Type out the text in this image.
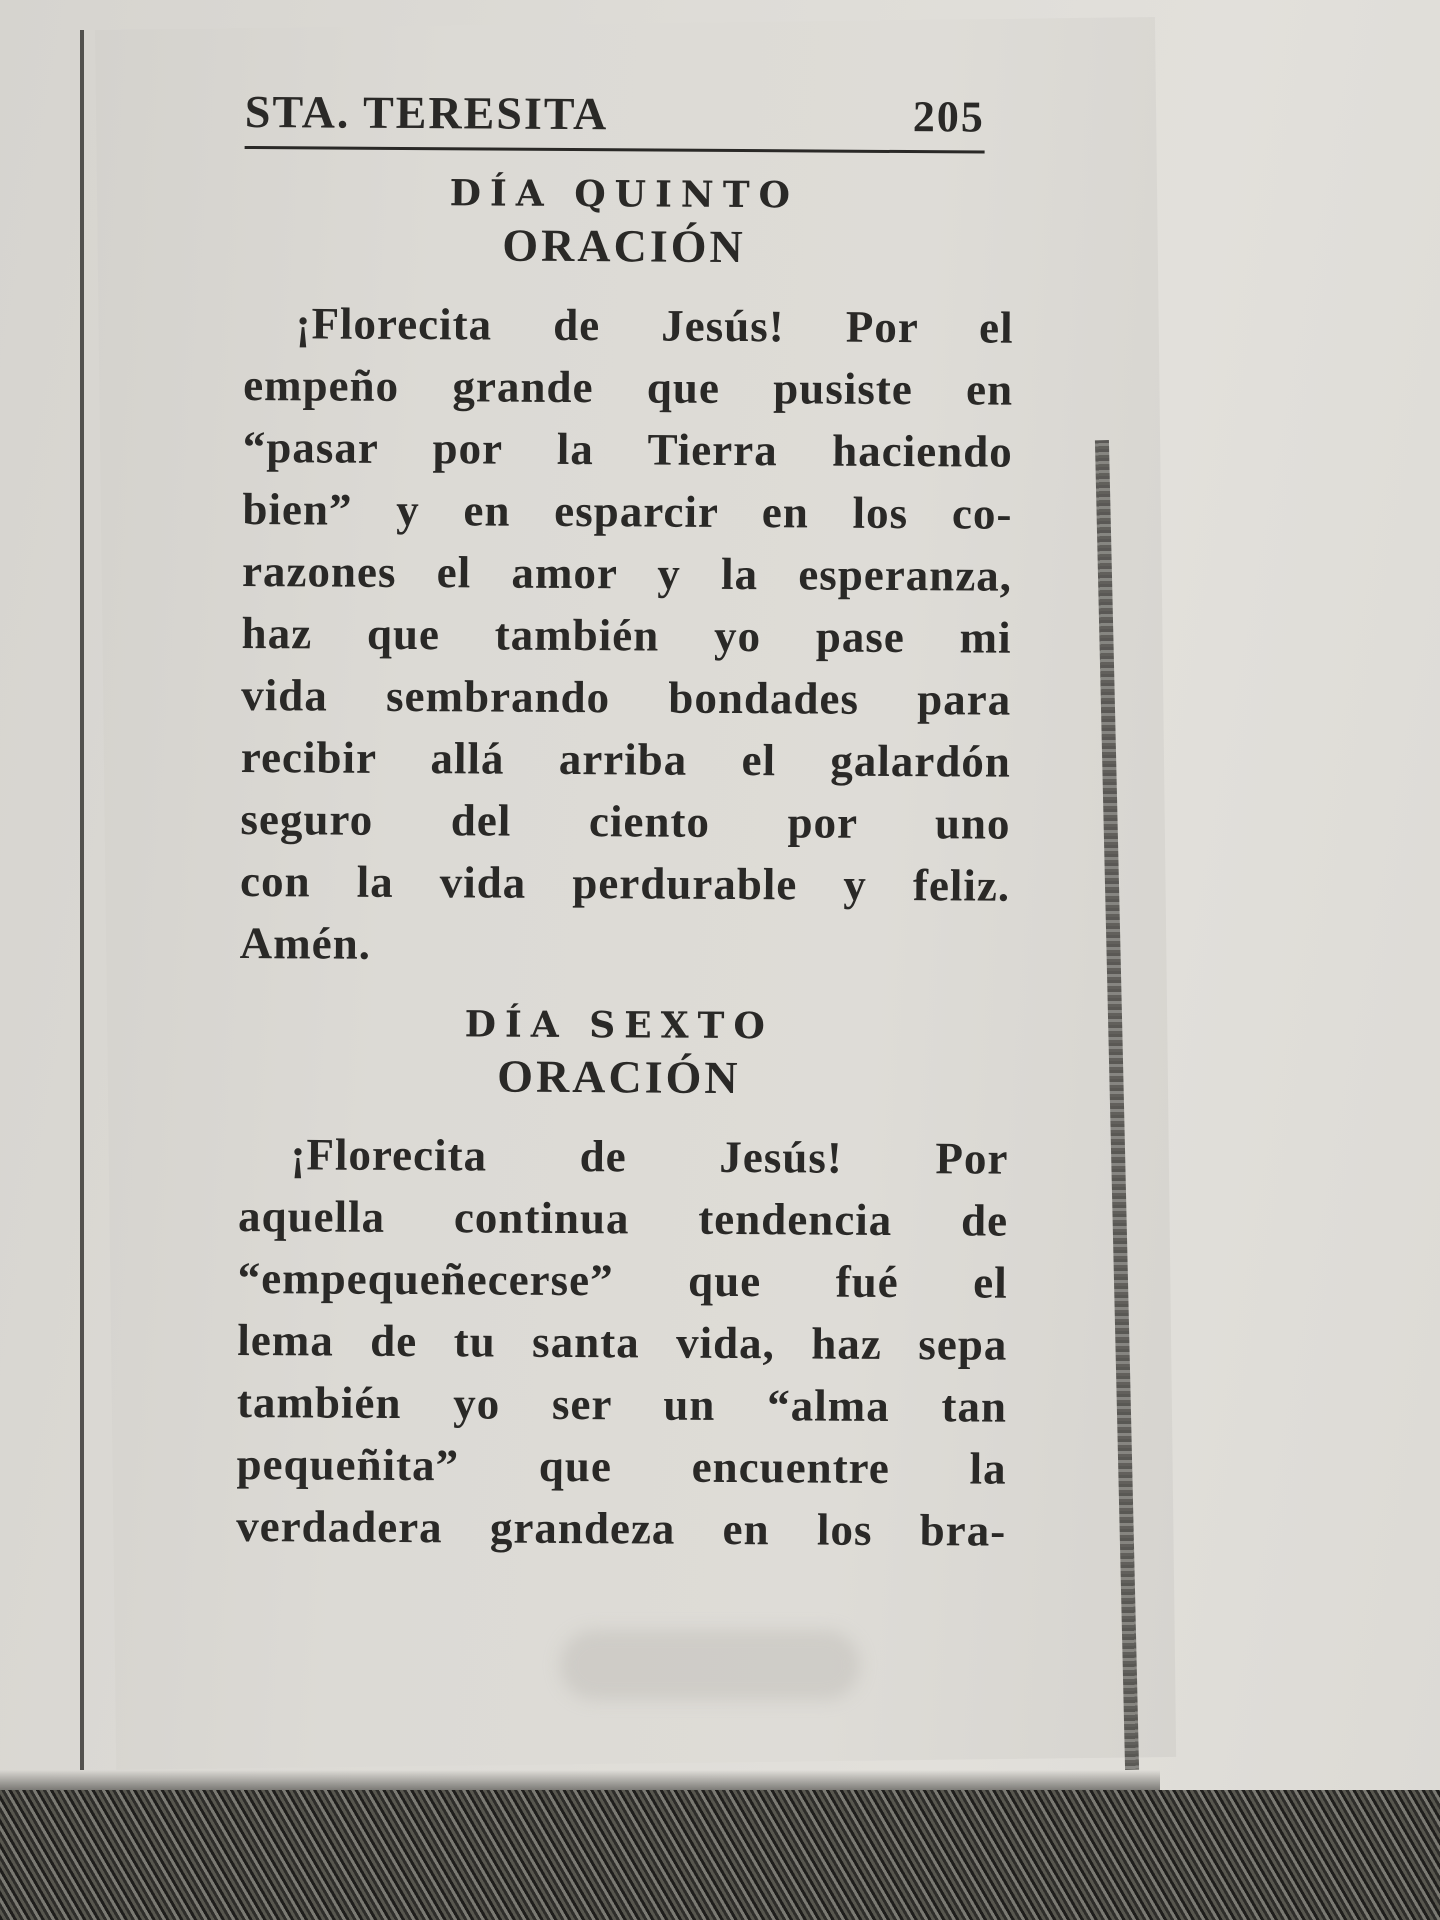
STA. TERESITA	205

DÍA QUINTO

ORACIÓN

¡Florecita de Jesús! Por el
empeño grande que pusiste en
“pasar por la Tierra haciendo
bien” y en esparcir en los co-
razones el amor y la esperanza,
haz que también yo pase mi
vida sembrando bondades para
recibir allá arriba el galardón
seguro del ciento por uno
con la vida perdurable y feliz.
Amén.

DÍA SEXTO

ORACIÓN

¡Florecita de Jesús! Por
aquella continua tendencia de
“empequeñecerse” que fué el
lema de tu santa vida, haz sepa
también yo ser un “alma tan
pequeñita” que encuentre la
verdadera grandeza en los bra-
